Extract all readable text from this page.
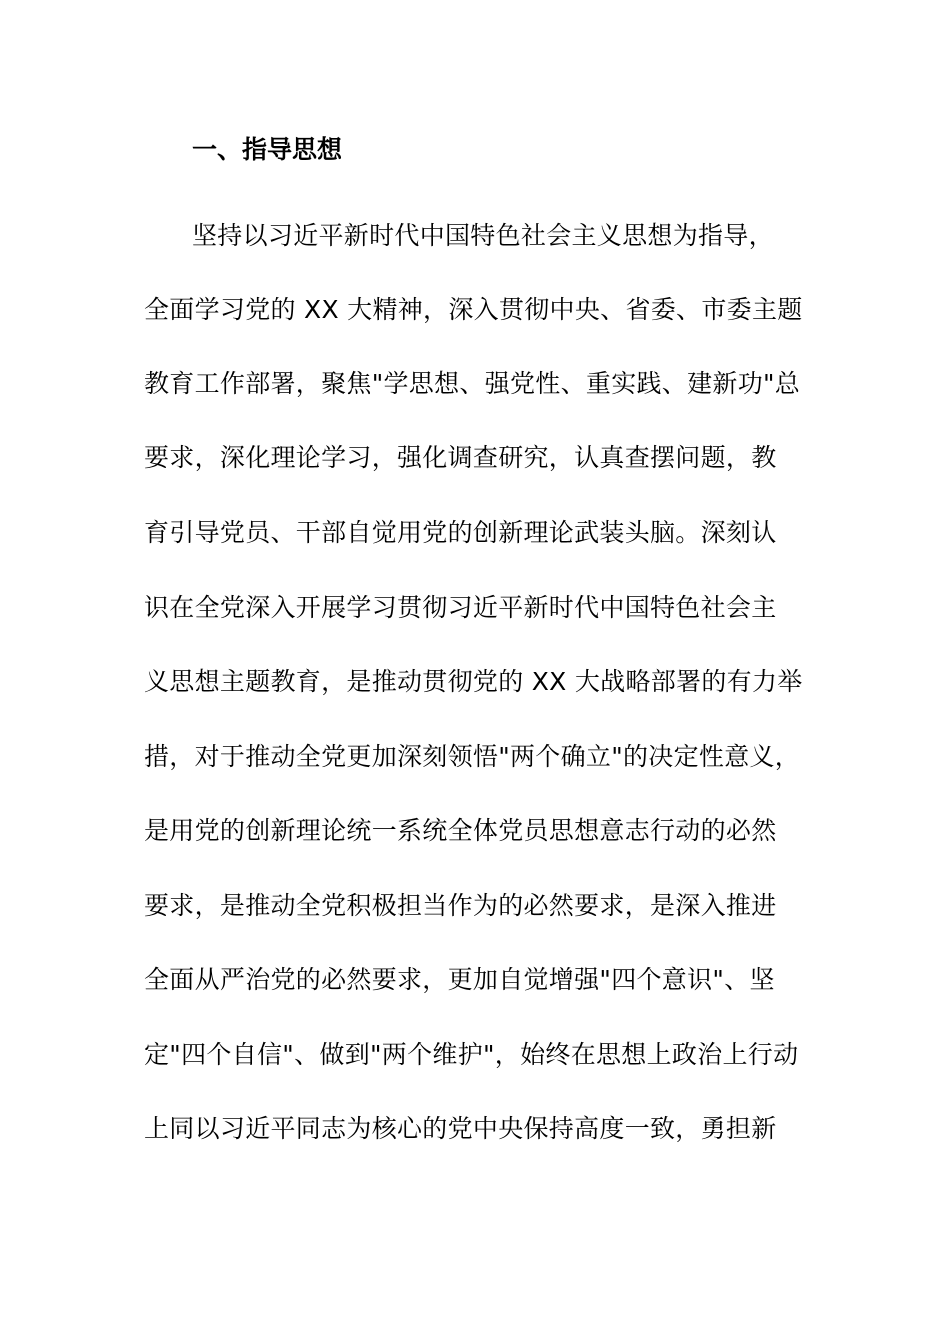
一、指导思想
坚持以习近平新时代中国特色社会主义思想为指导，
全面学习党的 XX 大精神，深入贯彻中央、省委、市委主题
教育工作部署，聚焦"学思想、强党性、重实践、建新功"总
要求，深化理论学习，强化调查研究，认真查摆问题，教
育引导党员、干部自觉用党的创新理论武装头脑。深刻认
识在全党深入开展学习贯彻习近平新时代中国特色社会主
义思想主题教育，是推动贯彻党的 XX 大战略部署的有力举
措，对于推动全党更加深刻领悟"两个确立"的决定性意义，
是用党的创新理论统一系统全体党员思想意志行动的必然
要求，是推动全党积极担当作为的必然要求，是深入推进
全面从严治党的必然要求，更加自觉增强"四个意识"、坚
定"四个自信"、做到"两个维护"，始终在思想上政治上行动
上同以习近平同志为核心的党中央保持高度一致，勇担新
